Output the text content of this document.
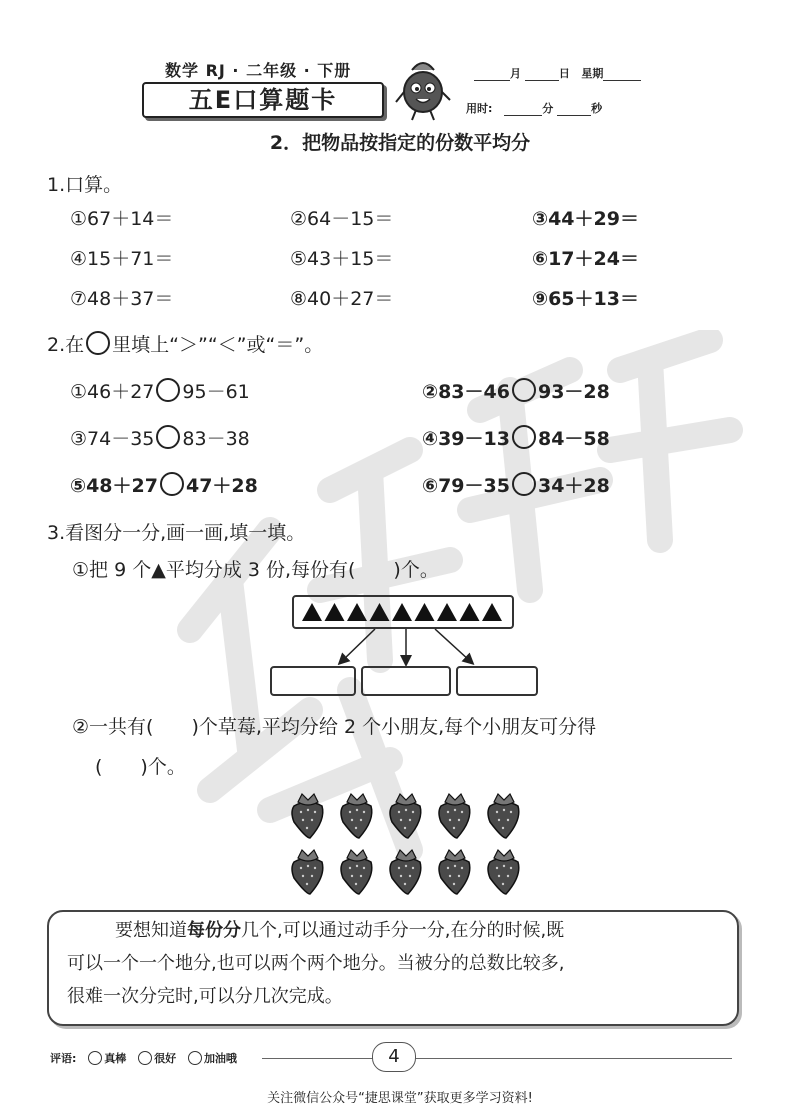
数学 RJ · 二年级 · 下册
五E口算题卡
月	日 星期
用时:	分	秒
2．把物品按指定的份数平均分
1.口算。
①67＋14＝	②64－15＝	③44＋29＝
④15＋71＝	⑤43＋15＝	⑥17＋24＝
⑦48＋37＝	⑧40＋27＝	⑨65＋13＝
2.在 里填上“＞”“＜”或“＝”。
①46＋27 95－61	②83－46 93－28
③74－35 83－38	④39－13 84－58
⑤48＋27 47＋28	⑥79－35 34＋28
3.看图分一分,画一画,填一填。
①把 9 个▲平均分成 3 份,每份有(　　)个。
②一共有(　　)个草莓,平均分给 2 个小朋友,每个小朋友可分得
(　　)个。

要想知道每份分几个,可以通过动手分一分,在分的时候,既

可以一个一个地分,也可以两个两个地分。当被分的总数比较多,

很难一次分完时,可以分几次完成。

评语:	真棒	很好	加油哦	4
关注微信公众号“捷思课堂”获取更多学习资料!
